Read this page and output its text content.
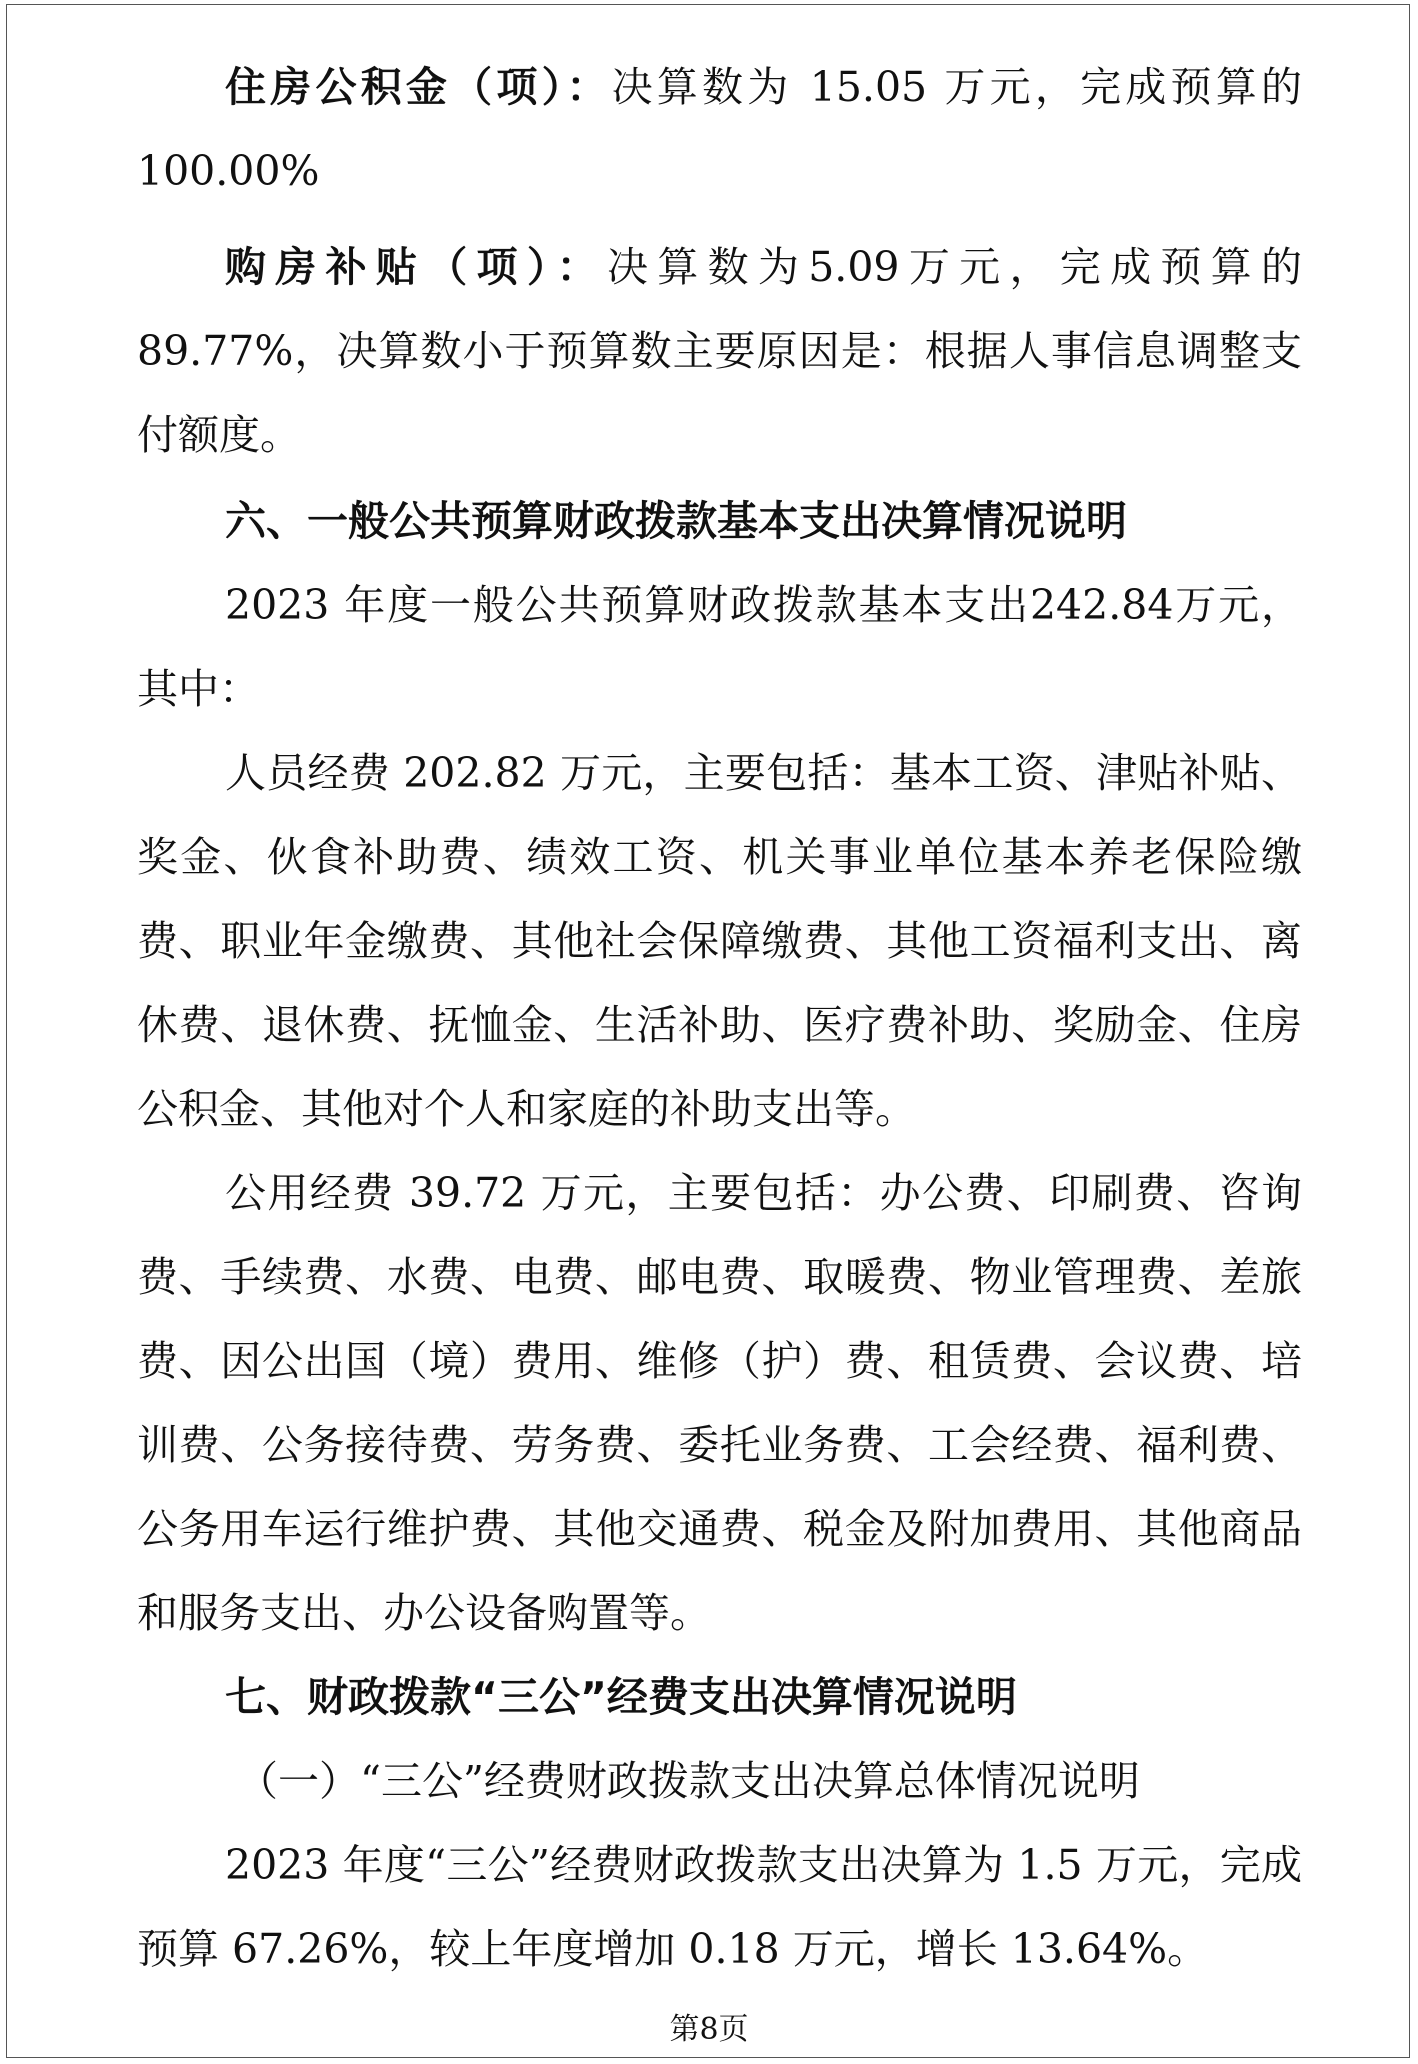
住房公积金（项）：决算数为 15.05 万元，完成预算的100.00%

购房补贴（项）：决算数为5.09万元，完成预算的89.77%，决算数小于预算数主要原因是：根据人事信息调整支付额度。

六、一般公共预算财政拨款基本支出决算情况说明

2023 年度一般公共预算财政拨款基本支出242.84万元，其中：

人员经费 202.82 万元，主要包括：基本工资、津贴补贴、奖金、伙食补助费、绩效工资、机关事业单位基本养老保险缴费、职业年金缴费、其他社会保障缴费、其他工资福利支出、离休费、退休费、抚恤金、生活补助、医疗费补助、奖励金、住房公积金、其他对个人和家庭的补助支出等。

公用经费 39.72 万元，主要包括：办公费、印刷费、咨询费、手续费、水费、电费、邮电费、取暖费、物业管理费、差旅费、因公出国（境）费用、维修（护）费、租赁费、会议费、培训费、公务接待费、劳务费、委托业务费、工会经费、福利费、公务用车运行维护费、其他交通费、税金及附加费用、其他商品和服务支出、办公设备购置等。

七、财政拨款“三公”经费支出决算情况说明

（一）“三公”经费财政拨款支出决算总体情况说明

2023 年度“三公”经费财政拨款支出决算为 1.5 万元，完成预算 67.26%，较上年度增加 0.18 万元，增长 13.64%。

第8页
